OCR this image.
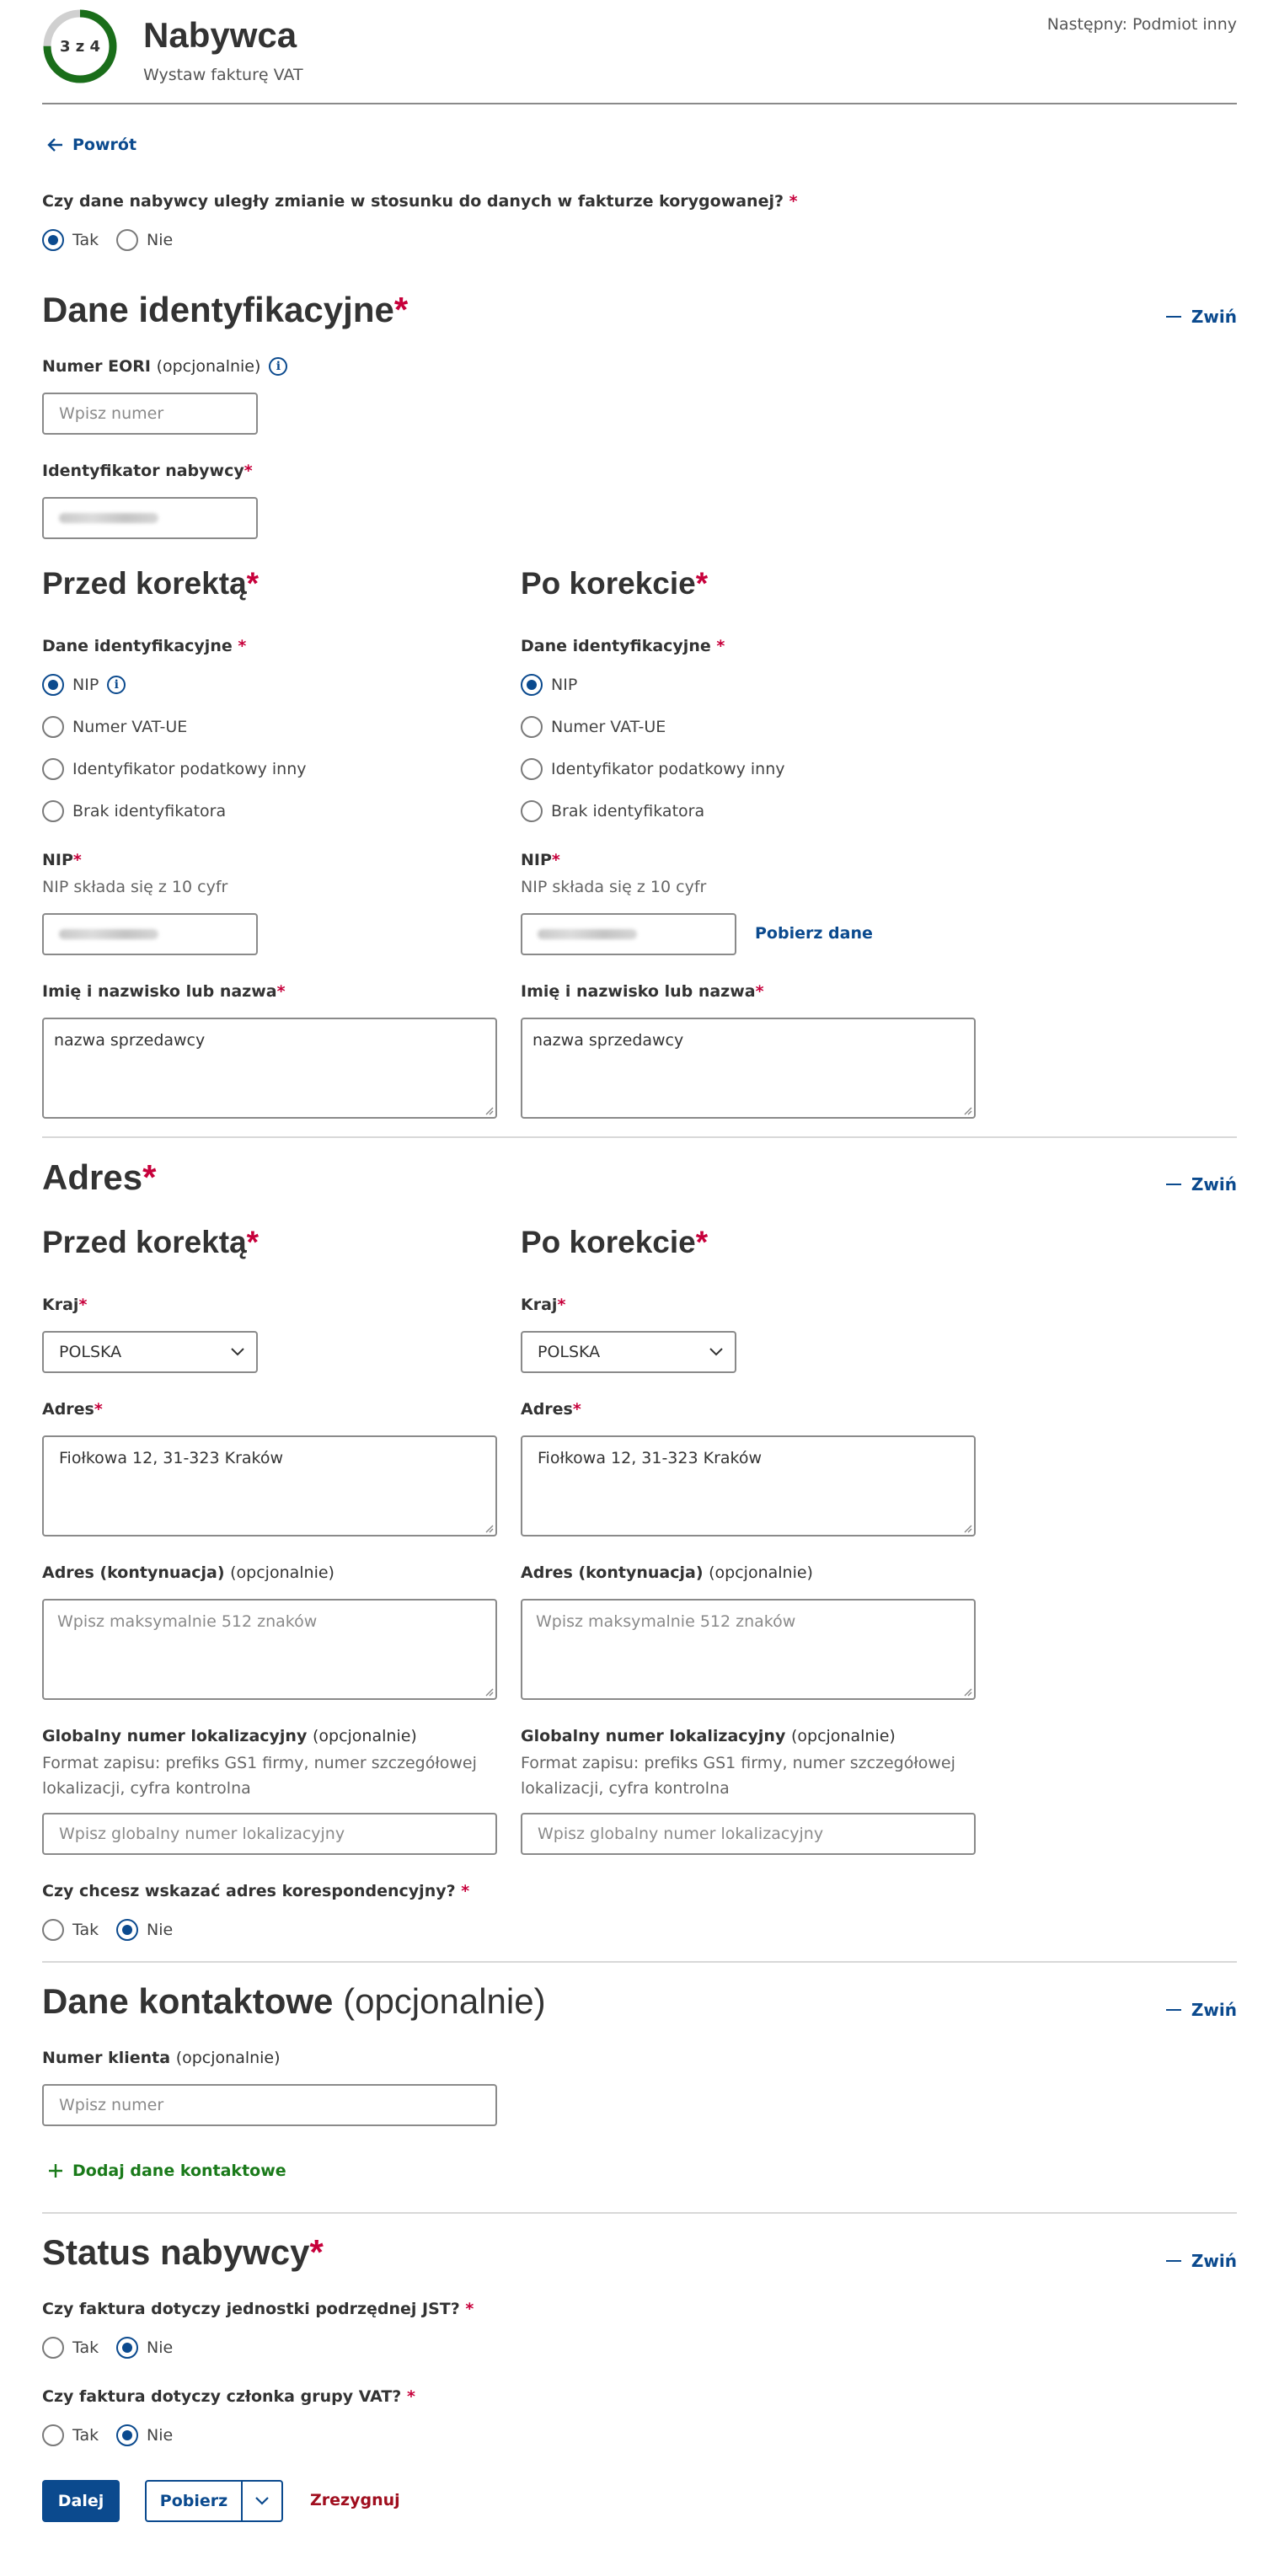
3 z 4	Nabywca
Wystaw fakturę VAT
Następny: Podmiot inny
Powrót
Czy dane nabywcy uległy zmianie w stosunku do danych w fakturze korygowanej? *
Tak	Nie
Dane identyfikacyjne*	Zwiń
Numer EORI
(opcjonalnie)	i
Wpisz numer
Identyfikator nabywcy*
Przed korektą*	Po korekcie*
Dane identyfikacyjne *	Dane identyfikacyjne *
NIP	i
Numer VAT-UE
Identyfikator podatkowy inny
Brak identyfikatora
NIP
Numer VAT-UE
Identyfikator podatkowy inny
Brak identyfikatora
NIP*
NIP składa się z 10 cyfr
NIP*
NIP składa się z 10 cyfr
Pobierz dane
Imię i nazwisko lub nazwa*
nazwa sprzedawcy
Imię i nazwisko lub nazwa*
nazwa sprzedawcy
Adres*	Zwiń
Przed korektą*	Po korekcie*
Kraj*
POLSKA
Kraj*
POLSKA
Adres*
Fiołkowa 12, 31-323 Kraków
Adres*
Fiołkowa 12, 31-323 Kraków
Adres (kontynuacja) (opcjonalnie)
Wpisz maksymalnie 512 znaków
Adres (kontynuacja) (opcjonalnie)
Wpisz maksymalnie 512 znaków
Globalny numer lokalizacyjny (opcjonalnie)
Format zapisu: prefiks GS1 firmy, numer szczegółowej
lokalizacji, cyfra kontrolna
Wpisz globalny numer lokalizacyjny
Globalny numer lokalizacyjny (opcjonalnie)
Format zapisu: prefiks GS1 firmy, numer szczegółowej
lokalizacji, cyfra kontrolna
Wpisz globalny numer lokalizacyjny
Czy chcesz wskazać adres korespondencyjny? *
Tak	Nie
Dane kontaktowe (opcjonalnie)	Zwiń
Numer klienta (opcjonalnie)
Wpisz numer
Dodaj dane kontaktowe
Status nabywcy*	Zwiń
Czy faktura dotyczy jednostki podrzędnej JST? *
Tak	Nie
Czy faktura dotyczy członka grupy VAT? *
Tak	Nie
Dalej	Pobierz	Zrezygnuj
